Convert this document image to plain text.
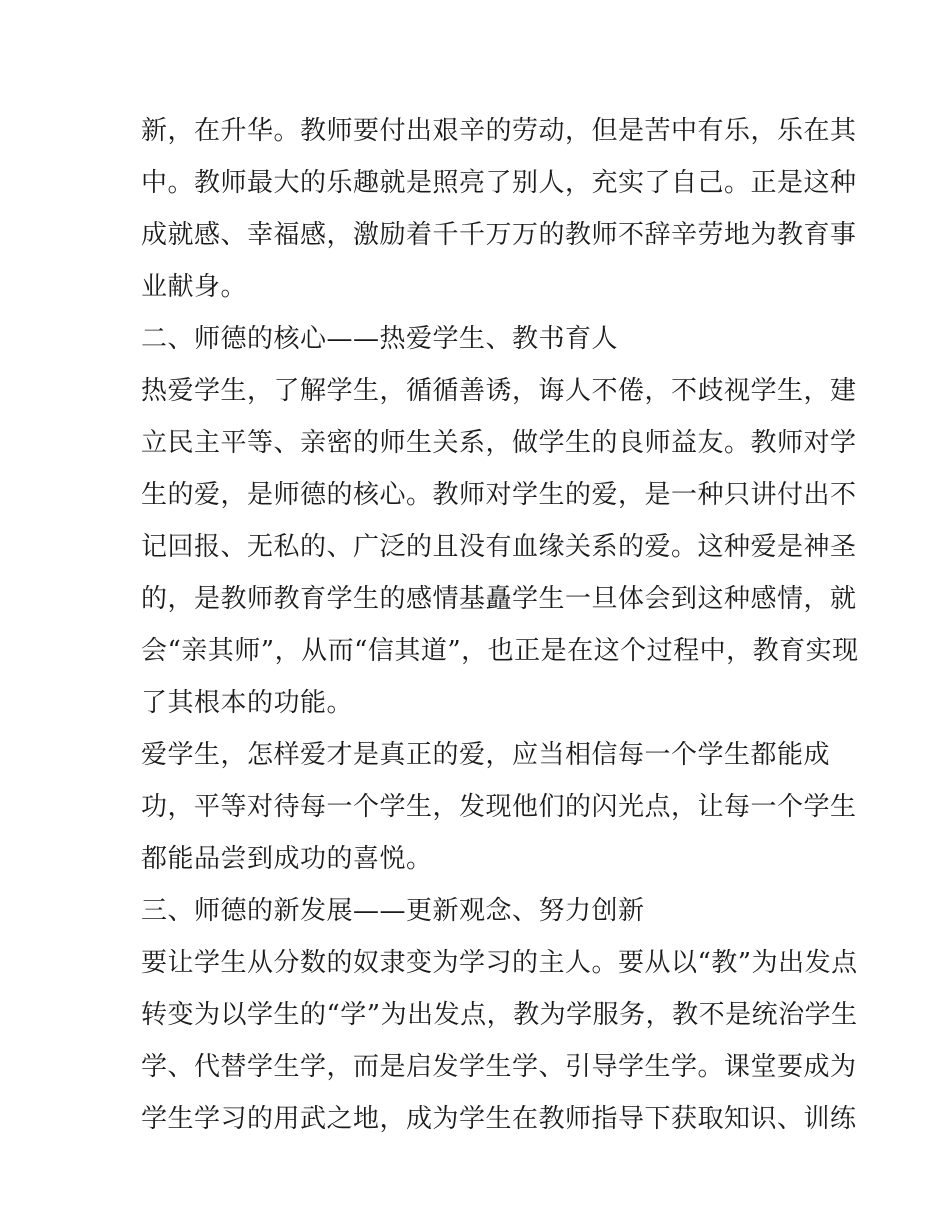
新，在升华。教师要付出艰辛的劳动，但是苦中有乐，乐在其
中。教师最大的乐趣就是照亮了别人，充实了自己。正是这种
成就感、幸福感，激励着千千万万的教师不辞辛劳地为教育事
业献身。
二、师德的核心——热爱学生、教书育人
热爱学生，了解学生，循循善诱，诲人不倦，不歧视学生，建
立民主平等、亲密的师生关系，做学生的良师益友。教师对学
生的爱，是师德的核心。教师对学生的爱，是一种只讲付出不
记回报、无私的、广泛的且没有血缘关系的爱。这种爱是神圣
的，是教师教育学生的感情基矗学生一旦体会到这种感情，就
会“亲其师”，从而“信其道”，也正是在这个过程中，教育实现
了其根本的功能。
爱学生，怎样爱才是真正的爱，应当相信每一个学生都能成
功，平等对待每一个学生，发现他们的闪光点，让每一个学生
都能品尝到成功的喜悦。
三、师德的新发展——更新观念、努力创新
要让学生从分数的奴隶变为学习的主人。要从以“教”为出发点
转变为以学生的“学”为出发点，教为学服务，教不是统治学生
学、代替学生学，而是启发学生学、引导学生学。课堂要成为
学生学习的用武之地，成为学生在教师指导下获取知识、训练
